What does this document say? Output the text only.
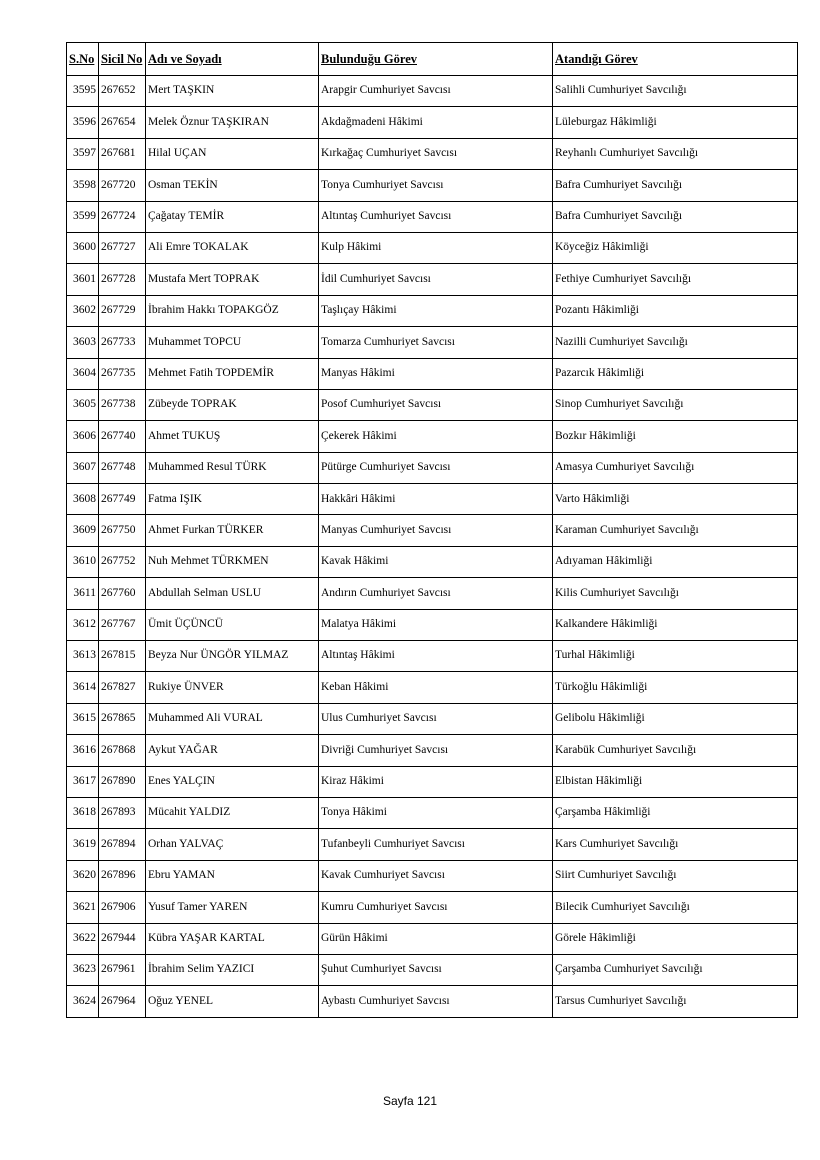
S.No	Sicil No	Adı ve Soyadı	Bulunduğu Görev	Atandığı Görev
3595	267652	Mert TAŞKIN	Arapgir Cumhuriyet Savcısı	Salihli Cumhuriyet Savcılığı
3596	267654	Melek Öznur TAŞKIRAN	Akdağmadeni Hâkimi	Lüleburgaz Hâkimliği
3597	267681	Hilal UÇAN	Kırkağaç Cumhuriyet Savcısı	Reyhanlı Cumhuriyet Savcılığı
3598	267720	Osman TEKİN	Tonya Cumhuriyet Savcısı	Bafra Cumhuriyet Savcılığı
3599	267724	Çağatay TEMİR	Altıntaş Cumhuriyet Savcısı	Bafra Cumhuriyet Savcılığı
3600	267727	Ali Emre TOKALAK	Kulp Hâkimi	Köyceğiz Hâkimliği
3601	267728	Mustafa Mert TOPRAK	İdil Cumhuriyet Savcısı	Fethiye Cumhuriyet Savcılığı
3602	267729	İbrahim Hakkı TOPAKGÖZ	Taşlıçay Hâkimi	Pozantı Hâkimliği
3603	267733	Muhammet TOPCU	Tomarza Cumhuriyet Savcısı	Nazilli Cumhuriyet Savcılığı
3604	267735	Mehmet Fatih TOPDEMİR	Manyas Hâkimi	Pazarcık Hâkimliği
3605	267738	Zübeyde TOPRAK	Posof Cumhuriyet Savcısı	Sinop Cumhuriyet Savcılığı
3606	267740	Ahmet TUKUŞ	Çekerek Hâkimi	Bozkır Hâkimliği
3607	267748	Muhammed Resul TÜRK	Pütürge Cumhuriyet Savcısı	Amasya Cumhuriyet Savcılığı
3608	267749	Fatma IŞIK	Hakkâri Hâkimi	Varto Hâkimliği
3609	267750	Ahmet Furkan TÜRKER	Manyas Cumhuriyet Savcısı	Karaman Cumhuriyet Savcılığı
3610	267752	Nuh Mehmet TÜRKMEN	Kavak Hâkimi	Adıyaman Hâkimliği
3611	267760	Abdullah Selman USLU	Andırın Cumhuriyet Savcısı	Kilis Cumhuriyet Savcılığı
3612	267767	Ümit ÜÇÜNCÜ	Malatya Hâkimi	Kalkandere Hâkimliği
3613	267815	Beyza Nur ÜNGÖR YILMAZ	Altıntaş Hâkimi	Turhal Hâkimliği
3614	267827	Rukiye ÜNVER	Keban Hâkimi	Türkoğlu Hâkimliği
3615	267865	Muhammed Ali VURAL	Ulus Cumhuriyet Savcısı	Gelibolu Hâkimliği
3616	267868	Aykut YAĞAR	Divriği Cumhuriyet Savcısı	Karabük Cumhuriyet Savcılığı
3617	267890	Enes YALÇIN	Kiraz Hâkimi	Elbistan Hâkimliği
3618	267893	Mücahit YALDIZ	Tonya Hâkimi	Çarşamba Hâkimliği
3619	267894	Orhan YALVAÇ	Tufanbeyli Cumhuriyet Savcısı	Kars Cumhuriyet Savcılığı
3620	267896	Ebru YAMAN	Kavak Cumhuriyet Savcısı	Siirt Cumhuriyet Savcılığı
3621	267906	Yusuf Tamer YAREN	Kumru Cumhuriyet Savcısı	Bilecik Cumhuriyet Savcılığı
3622	267944	Kübra YAŞAR KARTAL	Gürün Hâkimi	Görele Hâkimliği
3623	267961	İbrahim Selim YAZICI	Şuhut Cumhuriyet Savcısı	Çarşamba Cumhuriyet Savcılığı
3624	267964	Oğuz YENEL	Aybastı Cumhuriyet Savcısı	Tarsus Cumhuriyet Savcılığı
Sayfa 121
